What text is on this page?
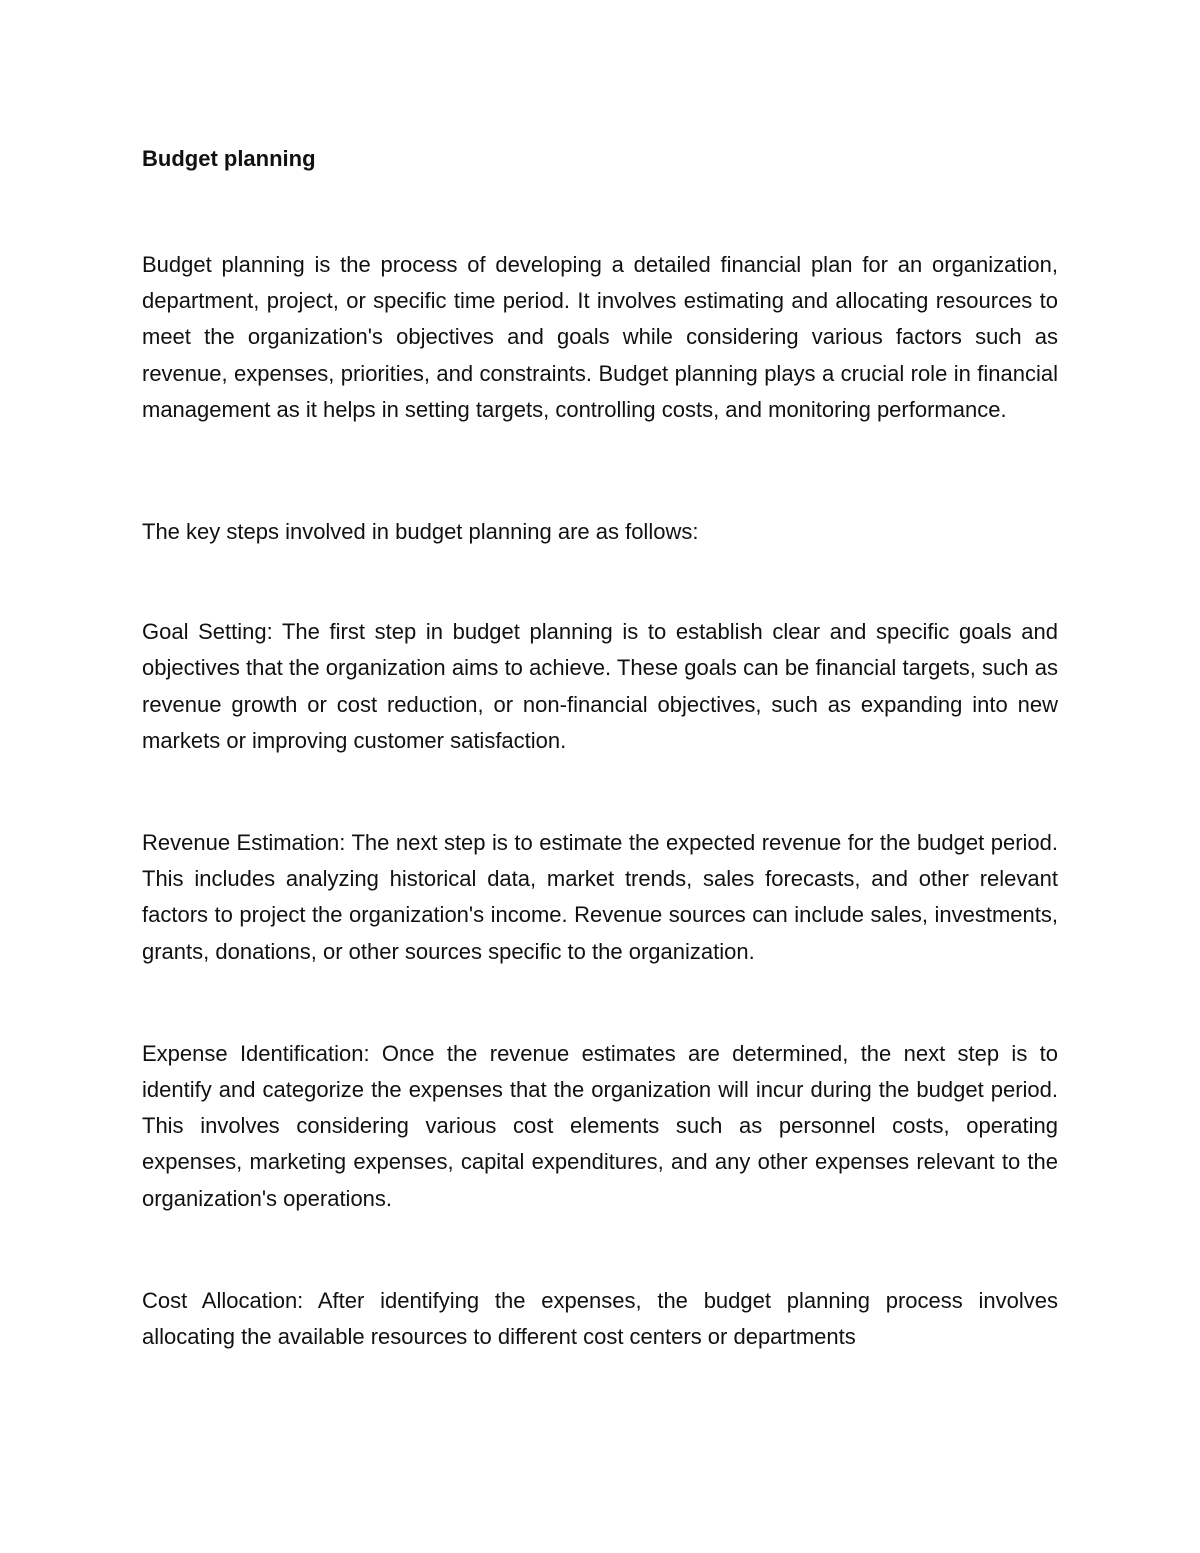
Budget planning

Budget planning is the process of developing a detailed financial plan for an organization, department, project, or specific time period. It involves estimating and allocating resources to meet the organization's objectives and goals while considering various factors such as revenue, expenses, priorities, and constraints. Budget planning plays a crucial role in financial management as it helps in setting targets, controlling costs, and monitoring performance.

The key steps involved in budget planning are as follows:

Goal Setting: The first step in budget planning is to establish clear and specific goals and objectives that the organization aims to achieve. These goals can be financial targets, such as revenue growth or cost reduction, or non-financial objectives, such as expanding into new markets or improving customer satisfaction.

Revenue Estimation: The next step is to estimate the expected revenue for the budget period. This includes analyzing historical data, market trends, sales forecasts, and other relevant factors to project the organization's income. Revenue sources can include sales, investments, grants, donations, or other sources specific to the organization.

Expense Identification: Once the revenue estimates are determined, the next step is to identify and categorize the expenses that the organization will incur during the budget period. This involves considering various cost elements such as personnel costs, operating expenses, marketing expenses, capital expenditures, and any other expenses relevant to the organization's operations.

Cost Allocation: After identifying the expenses, the budget planning process involves allocating the available resources to different cost centers or departments
